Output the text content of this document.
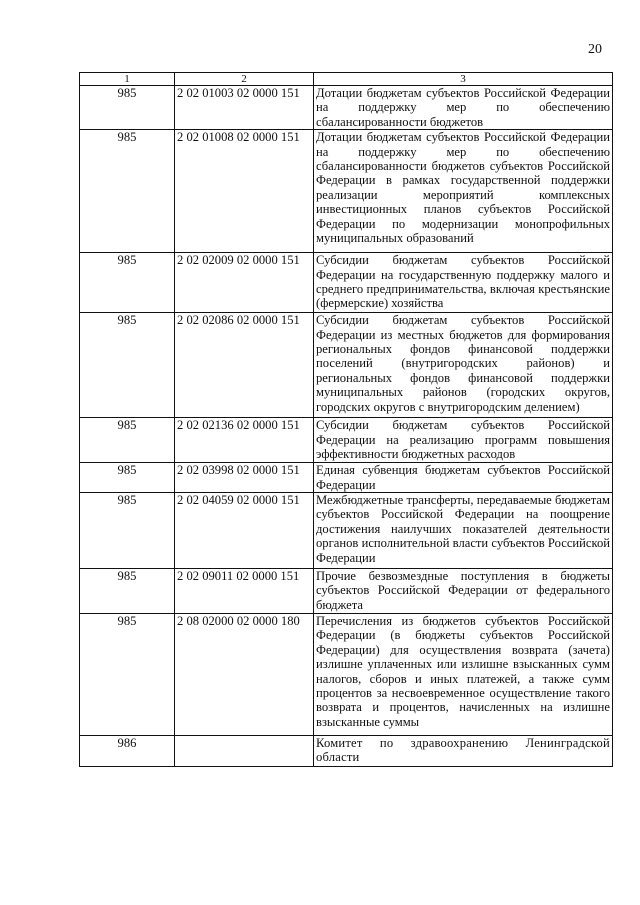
20
1	2	3
985	2 02 01003 02 0000 151	Дотации бюджетам субъектов Российской Федерации на поддержку мер по обеспечению сбалансированности бюджетов
985	2 02 01008 02 0000 151	Дотации бюджетам субъектов Российской Федерации на поддержку мер по обеспечению сбалансированности бюджетов субъектов Российской Федерации в рамках государственной поддержки реализации мероприятий комплексных инвестиционных планов субъектов Российской Федерации по модернизации монопрофильных муниципальных образований
985	2 02 02009 02 0000 151	Субсидии бюджетам субъектов Российской Федерации на государственную поддержку малого и среднего предпринимательства, включая крестьянские (фермерские) хозяйства
985	2 02 02086 02 0000 151	Субсидии бюджетам субъектов Российской Федерации из местных бюджетов для формирования региональных фондов финансовой поддержки поселений (внутригородских районов) и региональных фондов финансовой поддержки муниципальных районов (городских округов, городских округов с внутригородским делением)
985	2 02 02136 02 0000 151	Субсидии бюджетам субъектов Российской Федерации на реализацию программ повышения эффективности бюджетных расходов
985	2 02 03998 02 0000 151	Единая субвенция бюджетам субъектов Российской Федерации
985	2 02 04059 02 0000 151	Межбюджетные трансферты, передаваемые бюджетам субъектов Российской Федерации на поощрение достижения наилучших показателей деятельности органов исполнительной власти субъектов Российской Федерации
985	2 02 09011 02 0000 151	Прочие безвозмездные поступления в бюджеты субъектов Российской Федерации от федерального бюджета
985	2 08 02000 02 0000 180	Перечисления из бюджетов субъектов Российской Федерации (в бюджеты субъектов Российской Федерации) для осуществления возврата (зачета) излишне уплаченных или излишне взысканных сумм налогов, сборов и иных платежей, а также сумм процентов за несвоевременное осуществление такого возврата и процентов, начисленных на излишне взысканные суммы
986		Комитет по здравоохранению Ленинградской области
